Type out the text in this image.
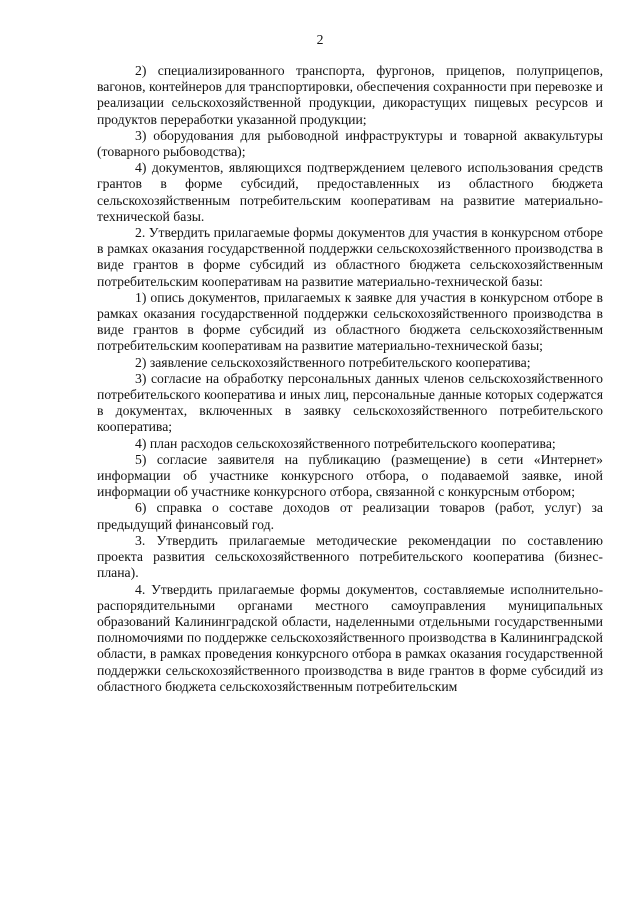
2

2) специализированного транспорта, фургонов, прицепов, полуприцепов, вагонов, контейнеров для транспортировки, обеспечения сохранности при перевозке и реализации сельскохозяйственной продукции, дикорастущих пищевых ресурсов и продуктов переработки указанной продукции;

3) оборудования для рыбоводной инфраструктуры и товарной аквакультуры (товарного рыбоводства);

4) документов, являющихся подтверждением целевого использования средств грантов в форме субсидий, предоставленных из областного бюджета сельскохозяйственным потребительским кооперативам на развитие материально-технической базы.

2. Утвердить прилагаемые формы документов для участия в конкурсном отборе в рамках оказания государственной поддержки сельскохозяйственного производства в виде грантов в форме субсидий из областного бюджета сельскохозяйственным потребительским кооперативам на развитие материально-технической базы:

1) опись документов, прилагаемых к заявке для участия в конкурсном отборе в рамках оказания государственной поддержки сельскохозяйственного производства в виде грантов в форме субсидий из областного бюджета сельскохозяйственным потребительским кооперативам на развитие материально-технической базы;

2) заявление сельскохозяйственного потребительского кооператива;

3) согласие на обработку персональных данных членов сельскохозяйственного потребительского кооператива и иных лиц, персональные данные которых содержатся в документах, включенных в заявку сельскохозяйственного потребительского кооператива;

4) план расходов сельскохозяйственного потребительского кооператива;

5) согласие заявителя на публикацию (размещение) в сети «Интернет» информации об участнике конкурсного отбора, о подаваемой заявке, иной информации об участнике конкурсного отбора, связанной с конкурсным отбором;

6) справка о составе доходов от реализации товаров (работ, услуг) за предыдущий финансовый год.

3. Утвердить прилагаемые методические рекомендации по составлению проекта развития сельскохозяйственного потребительского кооператива (бизнес-плана).

4. Утвердить прилагаемые формы документов, составляемые исполнительно-распорядительными органами местного самоуправления муниципальных образований Калининградской области, наделенными отдельными государственными полномочиями по поддержке сельскохозяйственного производства в Калининградской области, в рамках проведения конкурсного отбора в рамках оказания государственной поддержки сельскохозяйственного производства в виде грантов в форме субсидий из областного бюджета сельскохозяйственным потребительским
